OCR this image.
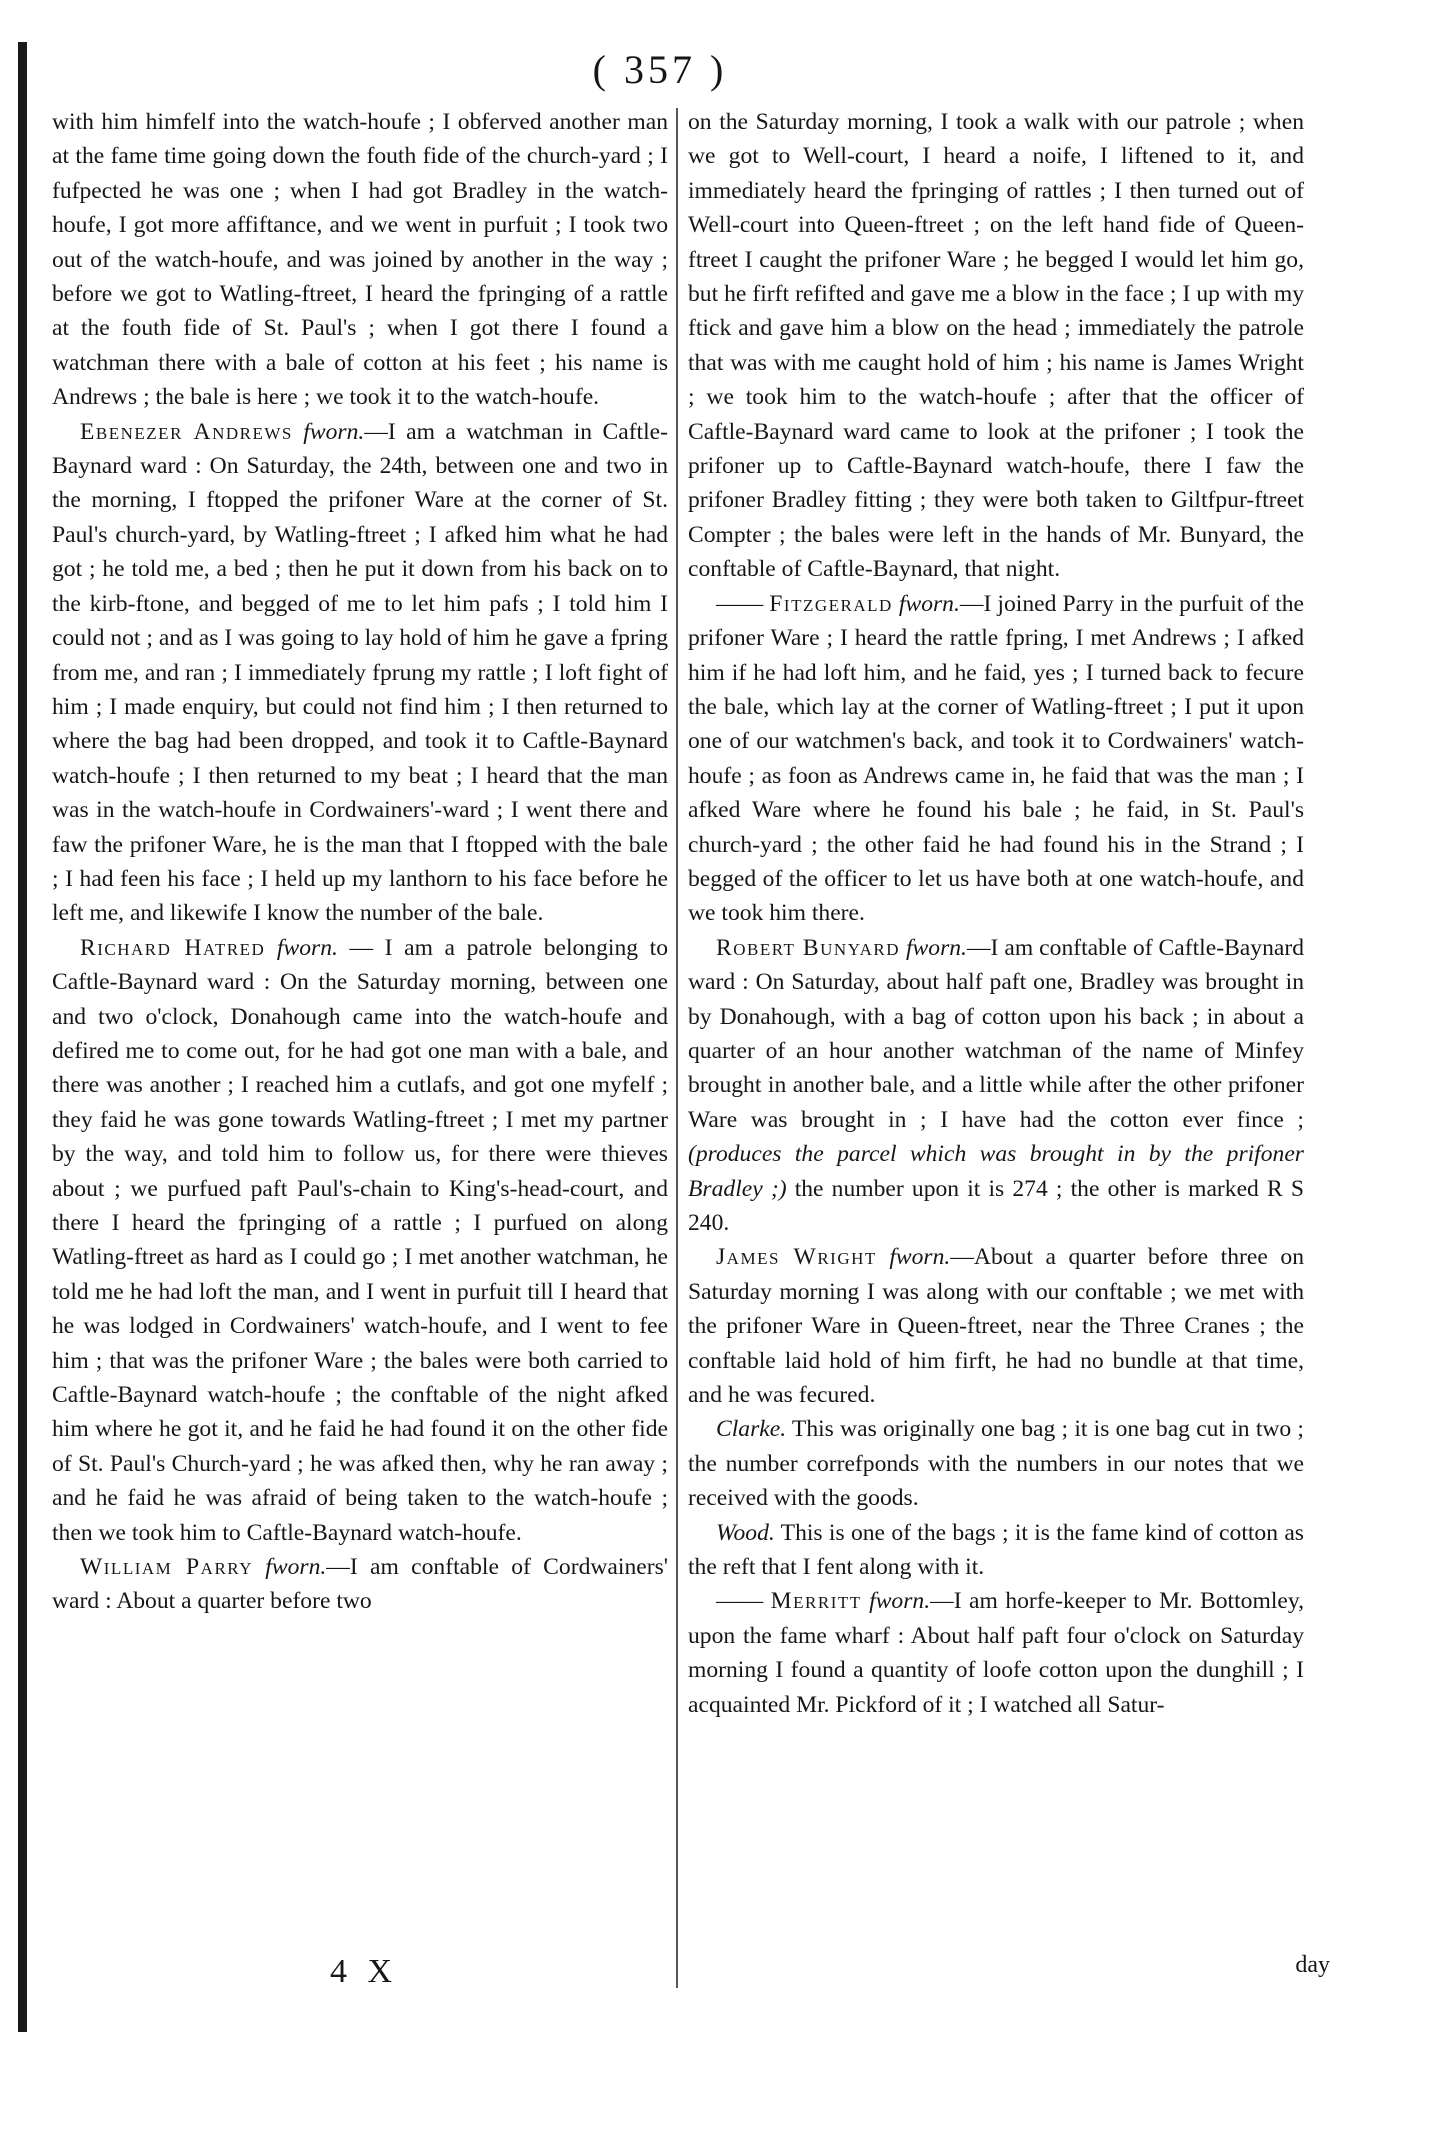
( 357 )

with him himfelf into the watch-houfe ; I obferved another man at the fame time going down the fouth fide of the church-yard ; I fufpected he was one ; when I had got Bradley in the watch-houfe, I got more affiftance, and we went in purfuit ; I took two out of the watch-houfe, and was joined by another in the way ; before we got to Watling-ftreet, I heard the fpringing of a rattle at the fouth fide of St. Paul's ; when I got there I found a watchman there with a bale of cotton at his feet ; his name is Andrews ; the bale is here ; we took it to the watch-houfe.

Ebenezer Andrews fworn.—I am a watchman in Caftle-Baynard ward : On Saturday, the 24th, between one and two in the morning, I ftopped the prifoner Ware at the corner of St. Paul's church-yard, by Watling-ftreet ; I afked him what he had got ; he told me, a bed ; then he put it down from his back on to the kirb-ftone, and begged of me to let him pafs ; I told him I could not ; and as I was going to lay hold of him he gave a fpring from me, and ran ; I immediately fprung my rattle ; I loft fight of him ; I made enquiry, but could not find him ; I then returned to where the bag had been dropped, and took it to Caftle-Baynard watch-houfe ; I then returned to my beat ; I heard that the man was in the watch-houfe in Cordwainers'-ward ; I went there and faw the prifoner Ware, he is the man that I ftopped with the bale ; I had feen his face ; I held up my lanthorn to his face before he left me, and likewife I know the number of the bale.

Richard Hatred fworn. — I am a patrole belonging to Caftle-Baynard ward : On the Saturday morning, between one and two o'clock, Donahough came into the watch-houfe and defired me to come out, for he had got one man with a bale, and there was another ; I reached him a cutlafs, and got one myfelf ; they faid he was gone towards Watling-ftreet ; I met my partner by the way, and told him to follow us, for there were thieves about ; we purfued paft Paul's-chain to King's-head-court, and there I heard the fpringing of a rattle ; I purfued on along Watling-ftreet as hard as I could go ; I met another watchman, he told me he had loft the man, and I went in purfuit till I heard that he was lodged in Cordwainers' watch-houfe, and I went to fee him ; that was the prifoner Ware ; the bales were both carried to Caftle-Baynard watch-houfe ; the conftable of the night afked him where he got it, and he faid he had found it on the other fide of St. Paul's Church-yard ; he was afked then, why he ran away ; and he faid he was afraid of being taken to the watch-houfe ; then we took him to Caftle-Baynard watch-houfe.

William Parry fworn.—I am conftable of Cordwainers' ward : About a quarter before two

on the Saturday morning, I took a walk with our patrole ; when we got to Well-court, I heard a noife, I liftened to it, and immediately heard the fpringing of rattles ; I then turned out of Well-court into Queen-ftreet ; on the left hand fide of Queen-ftreet I caught the prifoner Ware ; he begged I would let him go, but he firft refifted and gave me a blow in the face ; I up with my ftick and gave him a blow on the head ; immediately the patrole that was with me caught hold of him ; his name is James Wright ; we took him to the watch-houfe ; after that the officer of Caftle-Baynard ward came to look at the prifoner ; I took the prifoner up to Caftle-Baynard watch-houfe, there I faw the prifoner Bradley fitting ; they were both taken to Giltfpur-ftreet Compter ; the bales were left in the hands of Mr. Bunyard, the conftable of Caftle-Baynard, that night.

—— Fitzgerald fworn.—I joined Parry in the purfuit of the prifoner Ware ; I heard the rattle fpring, I met Andrews ; I afked him if he had loft him, and he faid, yes ; I turned back to fecure the bale, which lay at the corner of Watling-ftreet ; I put it upon one of our watchmen's back, and took it to Cordwainers' watch-houfe ; as foon as Andrews came in, he faid that was the man ; I afked Ware where he found his bale ; he faid, in St. Paul's church-yard ; the other faid he had found his in the Strand ; I begged of the officer to let us have both at one watch-houfe, and we took him there.

Robert Bunyard fworn.—I am conftable of Caftle-Baynard ward : On Saturday, about half paft one, Bradley was brought in by Donahough, with a bag of cotton upon his back ; in about a quarter of an hour another watchman of the name of Minfey brought in another bale, and a little while after the other prifoner Ware was brought in ; I have had the cotton ever fince ; (produces the parcel which was brought in by the prifoner Bradley ;) the number upon it is 274 ; the other is marked R S 240.

James Wright fworn.—About a quarter before three on Saturday morning I was along with our conftable ; we met with the prifoner Ware in Queen-ftreet, near the Three Cranes ; the conftable laid hold of him firft, he had no bundle at that time, and he was fecured.

Clarke. This was originally one bag ; it is one bag cut in two ; the number correfponds with the numbers in our notes that we received with the goods.

Wood. This is one of the bags ; it is the fame kind of cotton as the reft that I fent along with it.

—— Merritt fworn.—I am horfe-keeper to Mr. Bottomley, upon the fame wharf : About half paft four o'clock on Saturday morning I found a quantity of loofe cotton upon the dunghill ; I acquainted Mr. Pickford of it ; I watched all Satur-

4 X	day
